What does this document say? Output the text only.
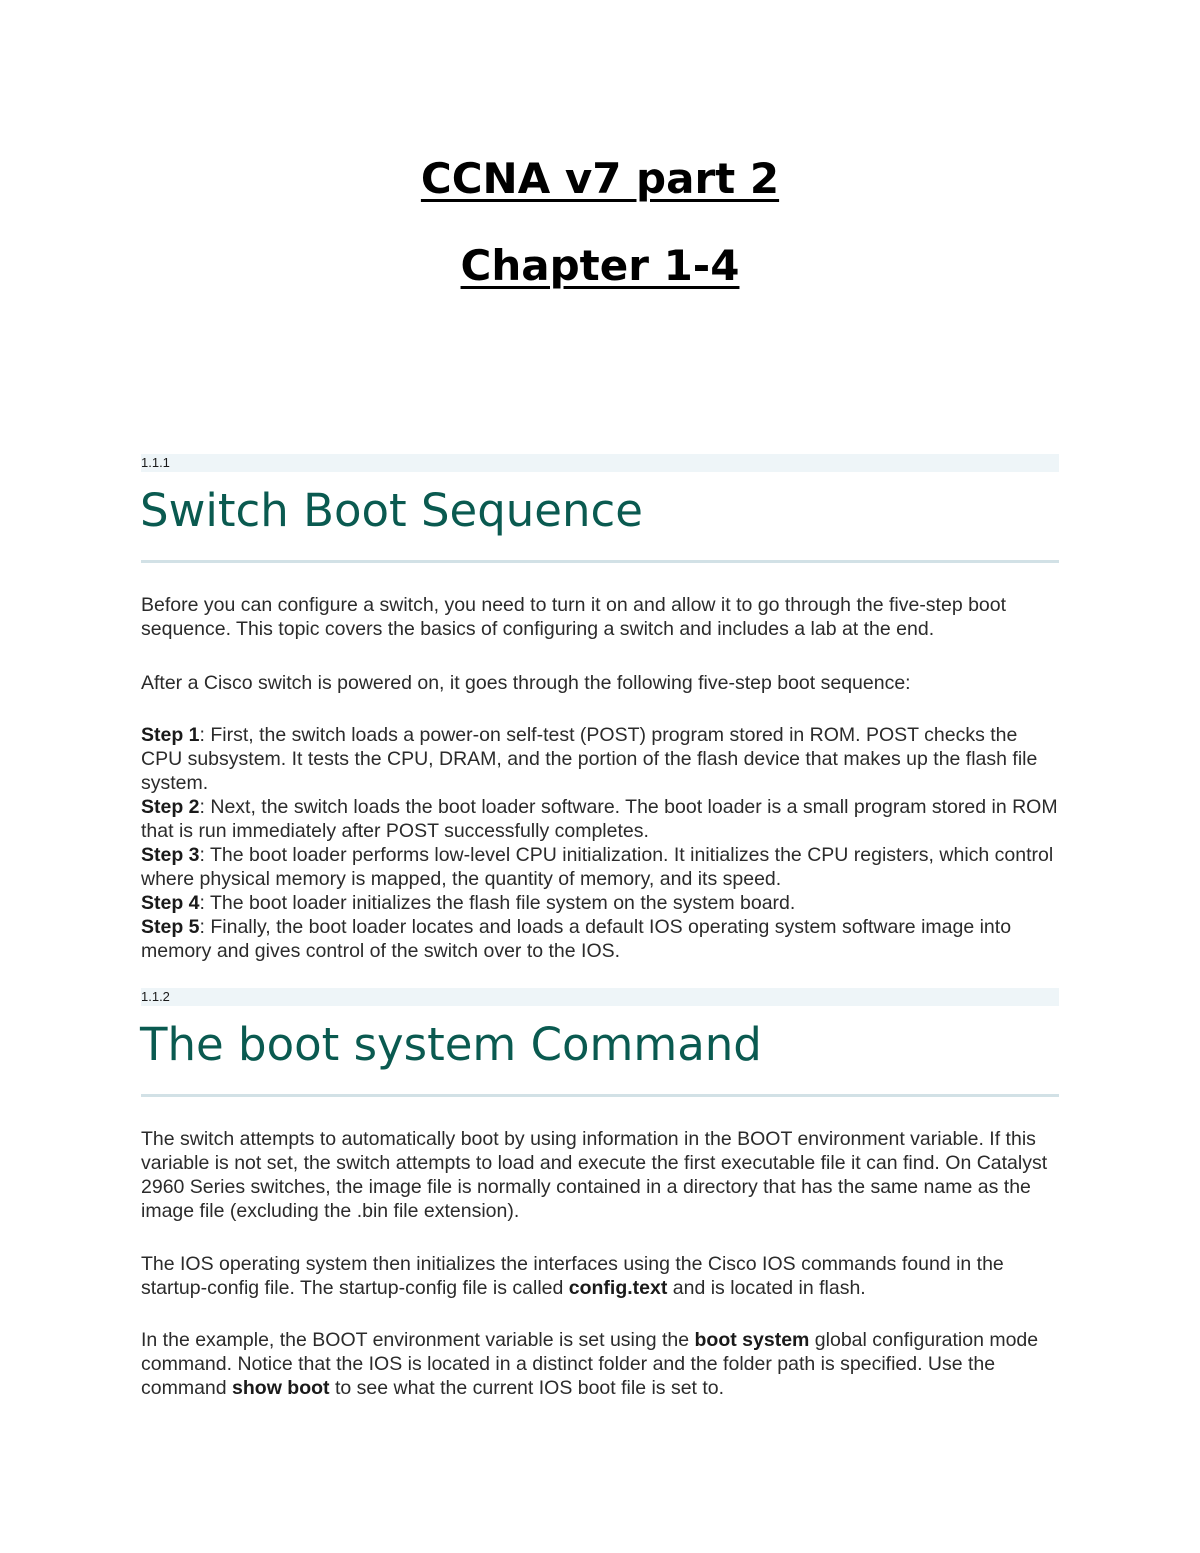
CCNA v7 part 2
Chapter 1-4
1.1.1
Switch Boot Sequence

Before you can configure a switch, you need to turn it on and allow it to go through the five-step boot sequence. This topic covers the basics of configuring a switch and includes a lab at the end.

After a Cisco switch is powered on, it goes through the following five-step boot sequence:

Step 1: First, the switch loads a power-on self-test (POST) program stored in ROM. POST checks the CPU subsystem. It tests the CPU, DRAM, and the portion of the flash device that makes up the flash file system.
Step 2: Next, the switch loads the boot loader software. The boot loader is a small program stored in ROM that is run immediately after POST successfully completes.
Step 3: The boot loader performs low-level CPU initialization. It initializes the CPU registers, which control where physical memory is mapped, the quantity of memory, and its speed.
Step 4: The boot loader initializes the flash file system on the system board.
Step 5: Finally, the boot loader locates and loads a default IOS operating system software image into memory and gives control of the switch over to the IOS.
1.1.2
The boot system Command

The switch attempts to automatically boot by using information in the BOOT environment variable. If this variable is not set, the switch attempts to load and execute the first executable file it can find. On Catalyst 2960 Series switches, the image file is normally contained in a directory that has the same name as the image file (excluding the .bin file extension).

The IOS operating system then initializes the interfaces using the Cisco IOS commands found in the startup-config file. The startup-config file is called config.text and is located in flash.

In the example, the BOOT environment variable is set using the boot system global configuration mode command. Notice that the IOS is located in a distinct folder and the folder path is specified. Use the command show boot to see what the current IOS boot file is set to.
